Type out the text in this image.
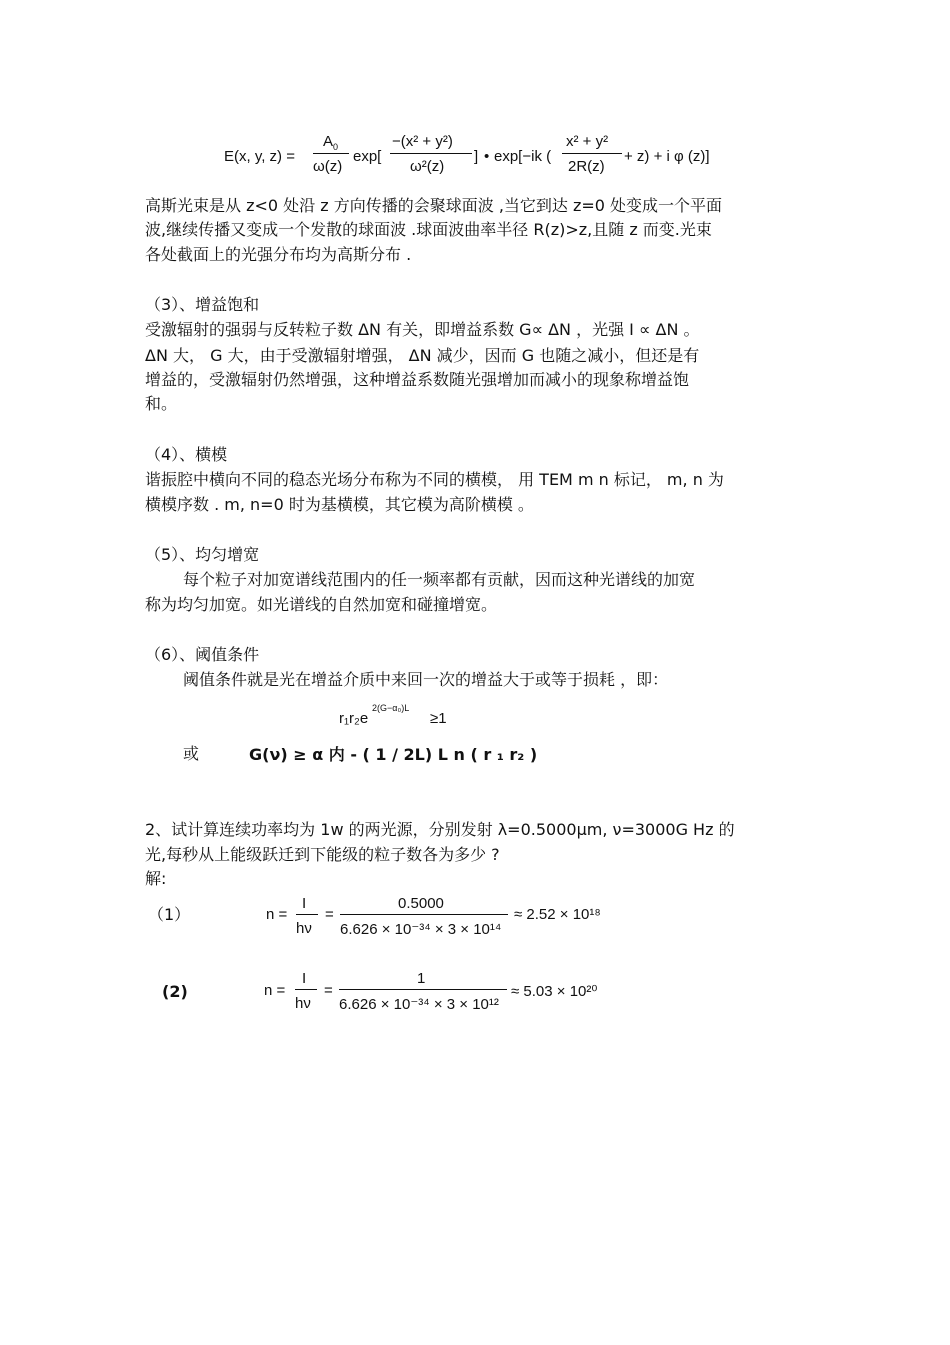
E(x, y, z) =
$A_0$
ω(z)
exp[
−(x² + y²)
ω²(z)
] • exp[−ik (
x² + y²
2R(z)
+ z) + i φ (z)]
高斯光束是从 z<0 处沿 z 方向传播的会聚球面波 ,当它到达 z=0 处变成一个平面
波,继续传播又变成一个发散的球面波 .球面波曲率半径 R(z)>z,且随 z 而变.光束
各处截面上的光强分布均为高斯分布 .
（3）、增益饱和
受激辐射的强弱与反转粒子数 ΔN 有关，即增益系数 G∝ ΔN ，光强 I ∝ ΔN 。
ΔN 大， G 大，由于受激辐射增强， ΔN 减少，因而 G 也随之减小，但还是有
增益的，受激辐射仍然增强，这种增益系数随光强增加而减小的现象称增益饱
和。
（4）、横模
谐振腔中横向不同的稳态光场分布称为不同的横模， 用 TEM m n 标记， m, n 为
横模序数 . m, n=0 时为基横模，其它模为高阶横模 。
（5）、均匀增宽
每个粒子对加宽谱线范围内的任一频率都有贡献，因而这种光谱线的加宽
称为均匀加宽。如光谱线的自然加宽和碰撞增宽。
（6）、阈值条件
阈值条件就是光在增益介质中来回一次的增益大于或等于损耗 ，即：
r₁r₂e
2(G−α₀)L
≥1
或	G(ν) ≥ α 内 - ( 1 / 2L) L n ( r ₁ r₂ )
2、试计算连续功率均为 1w 的两光源，分别发射 λ=0.5000μm, ν=3000G Hz 的
光,每秒从上能级跃迁到下能级的粒子数各为多少 ?
解:
（1）	n =
I
hν
=
0.5000
6.626 × 10⁻³⁴ × 3 × 10¹⁴
≈ 2.52 × 10¹⁸
(2)	n =
I
hν
=
1
6.626 × 10⁻³⁴ × 3 × 10¹²
≈ 5.03 × 10²⁰
